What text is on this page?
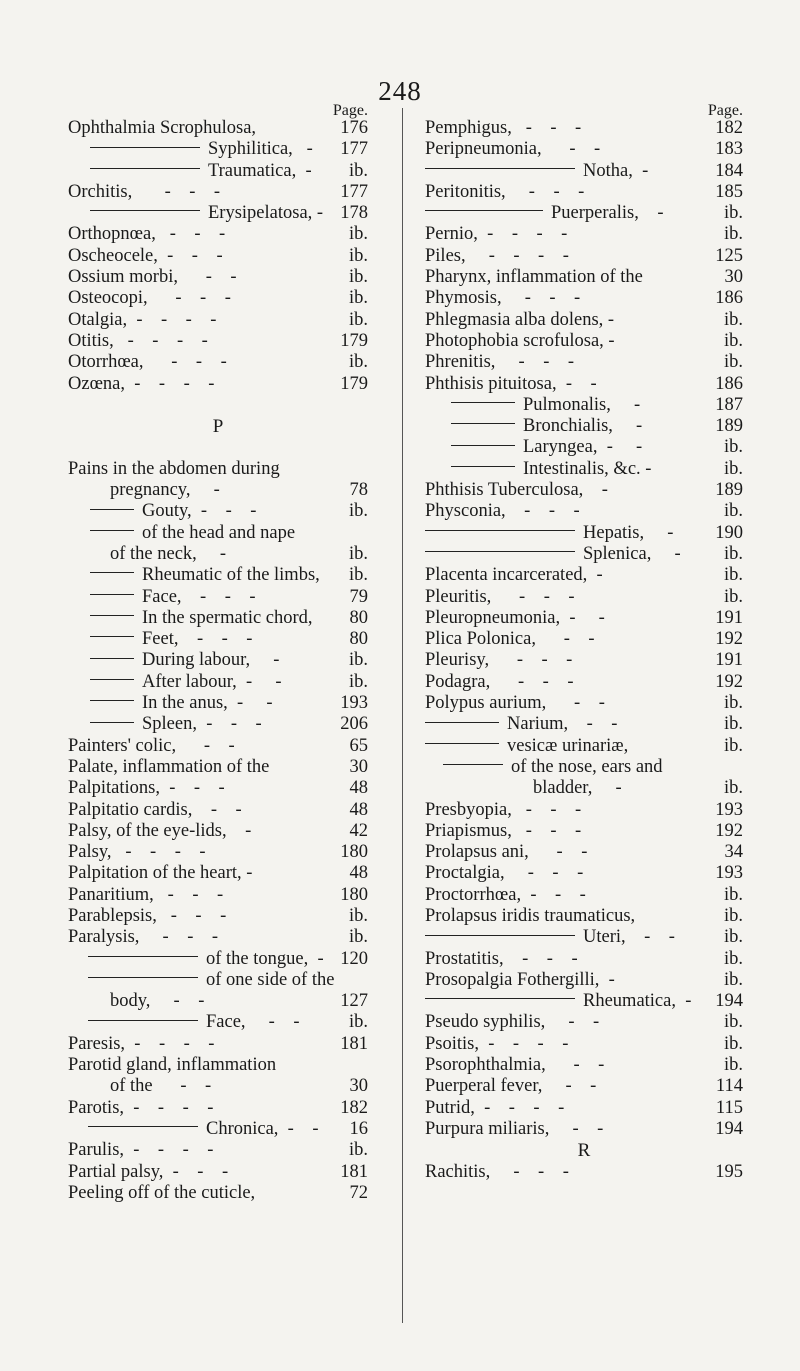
248
Page.
Ophthalmia Scrophulosa,	176
Syphilitica,   -	177
Traumatica,  -	ib.
Orchitis,       -    -    -	177
Erysipelatosa, - 178
Orthopnœa,   -    -    -	ib.
Oscheocele,  -    -    -	ib.
Ossium morbi,      -    -	ib.
Osteocopi,      -    -    -	ib.
Otalgia,  -    -    -    -	ib.
Otitis,   -    -    -    -	179
Otorrhœa,      -    -    -	ib.
Ozœna,  -    -    -    -	179
P
Pains in the abdomen during
pregnancy,     -	78
Gouty,  -    -    -	ib.
of the head and nape
of the neck,     -	ib.
Rheumatic of the limbs,	ib.
Face,    -    -    -	79
In the spermatic chord,	80
Feet,    -    -    -	80
During labour,     -	ib.
After labour,  -     -	ib.
In the anus,  -     -	193
Spleen,  -    -    -	206
Painters' colic,      -    -	65
Palate, inflammation of the	30
Palpitations,  -    -    -	48
Palpitatio cardis,    -    -	48
Palsy, of the eye-lids,    -	42
Palsy,   -    -    -    -	180
Palpitation of the heart, -	48
Panaritium,   -    -    -	180
Parablepsis,   -    -    -	ib.
Paralysis,     -    -    -	ib.
of the tongue,  - 120
of one side of the
body,     -    -	127
Face,     -    -	ib.
Paresis,  -    -    -    -	181
Parotid gland, inflammation
of the      -    -	30
Parotis,  -    -    -    -	182
Chronica,  -    -	16
Parulis,  -    -    -    -	ib.
Partial palsy,  -    -    -	181
Peeling off of the cuticle,	72
Page.
Pemphigus,   -    -    -	182
Peripneumonia,      -    -	183
Notha,  -	184
Peritonitis,     -    -    -	185
Puerperalis,    -	ib.
Pernio,  -    -    -    -	ib.
Piles,     -    -    -    -	125
Pharynx, inflammation of the	30
Phymosis,     -    -    -	186
Phlegmasia alba dolens, -	ib.
Photophobia scrofulosa, -	ib.
Phrenitis,     -    -    -	ib.
Phthisis pituitosa,  -    -	186
Pulmonalis,     -	187
Bronchialis,     -	189
Laryngea,  -     -	ib.
Intestinalis, &c. -	ib.
Phthisis Tuberculosa,    -	189
Physconia,    -    -    -	ib.
Hepatis,     -	190
Splenica,     -	ib.
Placenta incarcerated,  -	ib.
Pleuritis,      -    -    -	ib.
Pleuropneumonia,  -     -	191
Plica Polonica,      -    -	192
Pleurisy,      -    -    -	191
Podagra,      -    -    -	192
Polypus aurium,      -    -	ib.
Narium,    -    -	ib.
vesicæ urinariæ,	ib.
of the nose, ears and
bladder,     -	ib.
Presbyopia,   -    -    -	193
Priapismus,   -    -    -	192
Prolapsus ani,      -    -	34
Proctalgia,     -    -    -	193
Proctorrhœa,  -    -    -	ib.
Prolapsus iridis traumaticus,	ib.
Uteri,    -    -	ib.
Prostatitis,    -    -    -	ib.
Prosopalgia Fothergilli,  -	ib.
Rheumatica,  -	194
Pseudo syphilis,     -    -	ib.
Psoitis,  -    -    -    -	ib.
Psorophthalmia,      -    -	ib.
Puerperal fever,     -    -	114
Putrid,  -    -    -    -	115
Purpura miliaris,     -    -	194
R
Rachitis,     -    -    -	195
